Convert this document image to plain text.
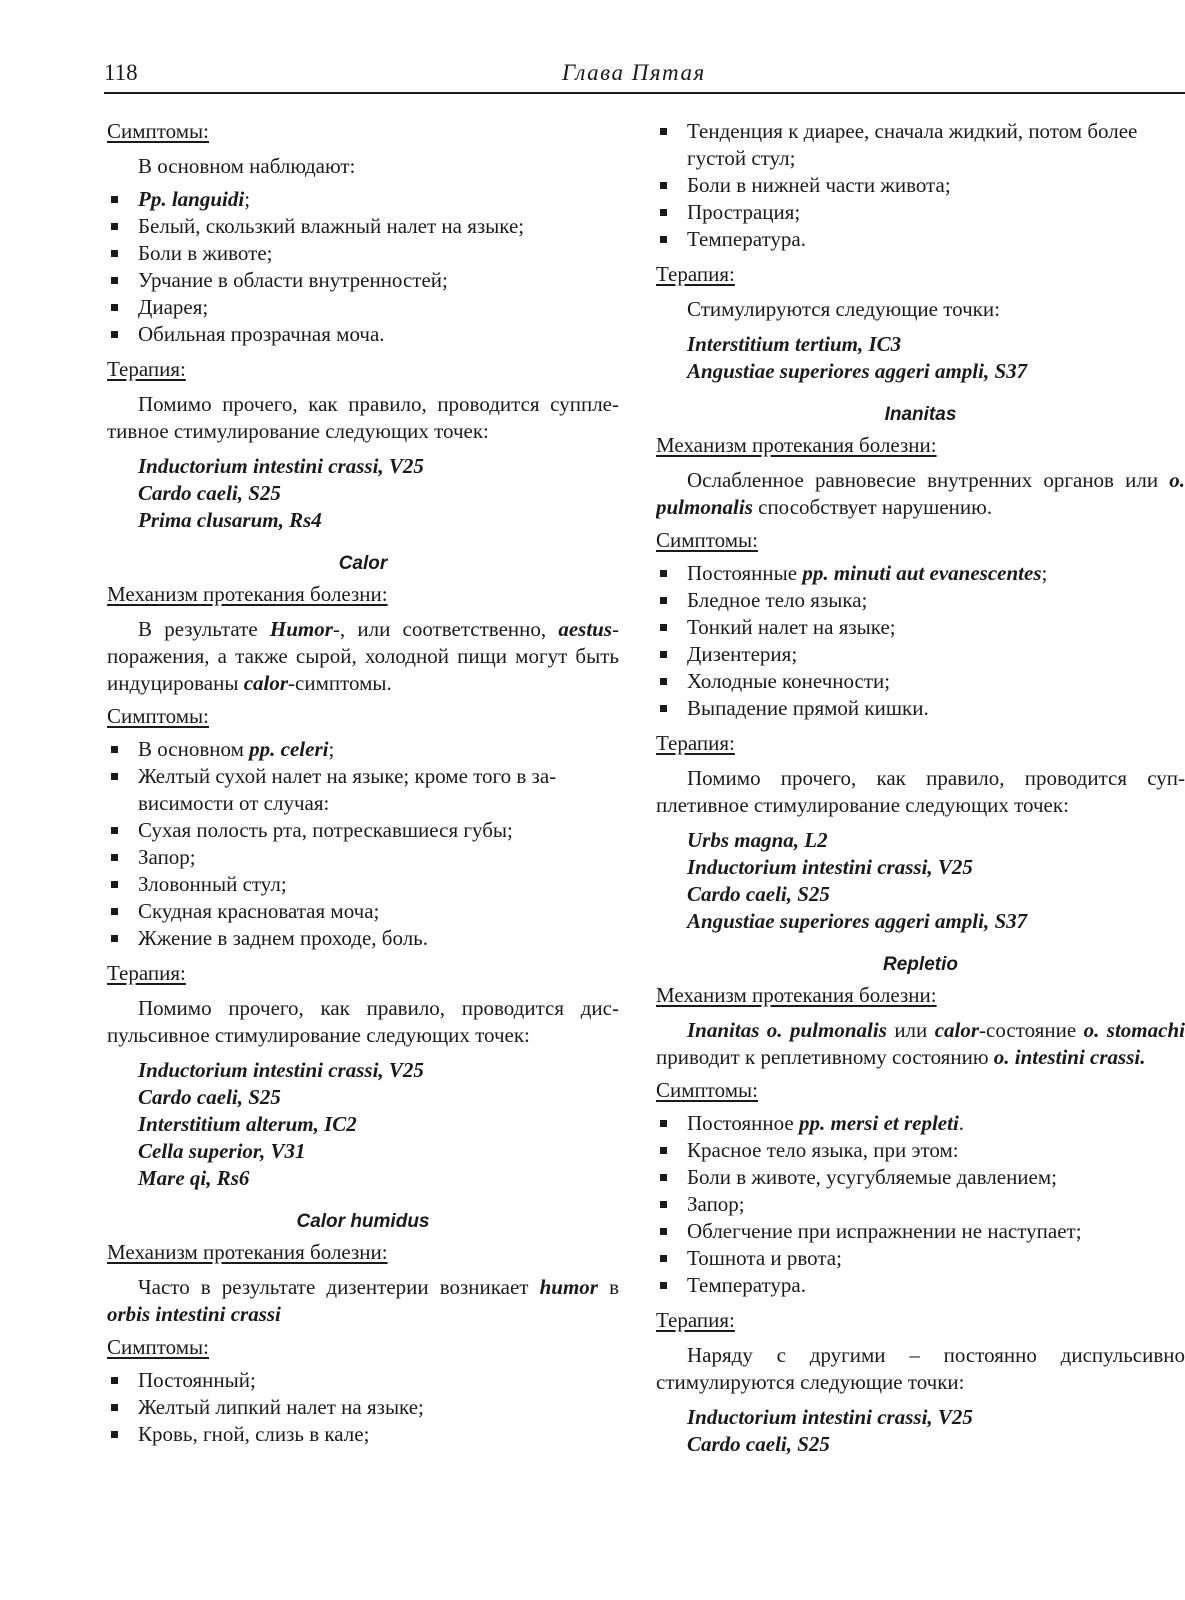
118	Глава Пятая

Симптомы:

В основном наблюдают:

Pp. languidi;
Белый, скользкий влажный налет на языке;
Боли в животе;
Урчание в области внутренностей;
Диарея;
Обильная прозрачная моча.

Терапия:

Помимо прочего, как правило, проводится супплетивное стимулирование следующих точек:

Inductorium intestini crassi, V25
Cardo caeli, S25
Prima clusarum, Rs4
Calor

Механизм протекания болезни:

В результате Humor-, или соответственно, aestus-поражения, а также сырой, холодной пищи могут быть индуцированы calor-симптомы.

Симптомы:

В основном pp. celeri;
Желтый сухой налет на языке; кроме того в зависимости от случая:
Сухая полость рта, потрескавшиеся губы;
Запор;
Зловонный стул;
Скудная красноватая моча;
Жжение в заднем проходе, боль.

Терапия:

Помимо прочего, как правило, проводится диспульсивное стимулирование следующих точек:

Inductorium intestini crassi, V25
Cardo caeli, S25
Interstitium alterum, IC2
Cella superior, V31
Mare qi, Rs6
Calor humidus

Механизм протекания болезни:

Часто в результате дизентерии возникает humor в orbis intestini crassi

Симптомы:

Постоянный;
Желтый липкий налет на языке;
Кровь, гной, слизь в кале;
Тенденция к диарее, сначала жидкий, потом более густой стул;
Боли в нижней части живота;
Прострация;
Температура.

Терапия:

Стимулируются следующие точки:

Interstitium tertium, IC3
Angustiae superiores aggeri ampli, S37
Inanitas

Механизм протекания болезни:

Ослабленное равновесие внутренних органов или o. pulmonalis способствует нарушению.

Симптомы:

Постоянные pp. minuti aut evanescentes;
Бледное тело языка;
Тонкий налет на языке;
Дизентерия;
Холодные конечности;
Выпадение прямой кишки.

Терапия:

Помимо прочего, как правило, проводится супплетивное стимулирование следующих точек:

Urbs magna, L2
Inductorium intestini crassi, V25
Cardo caeli, S25
Angustiae superiores aggeri ampli, S37
Repletio

Механизм протекания болезни:

Inanitas o. pulmonalis или calor-состояние o. stomachi приводит к реплетивному состоянию o. intestini crassi.

Симптомы:

Постоянное pp. mersi et repleti.
Красное тело языка, при этом:
Боли в животе, усугубляемые давлением;
Запор;
Облегчение при испражнении не наступает;
Тошнота и рвота;
Температура.

Терапия:

Наряду с другими – постоянно диспульсивно стимулируются следующие точки:

Inductorium intestini crassi, V25
Cardo caeli, S25
